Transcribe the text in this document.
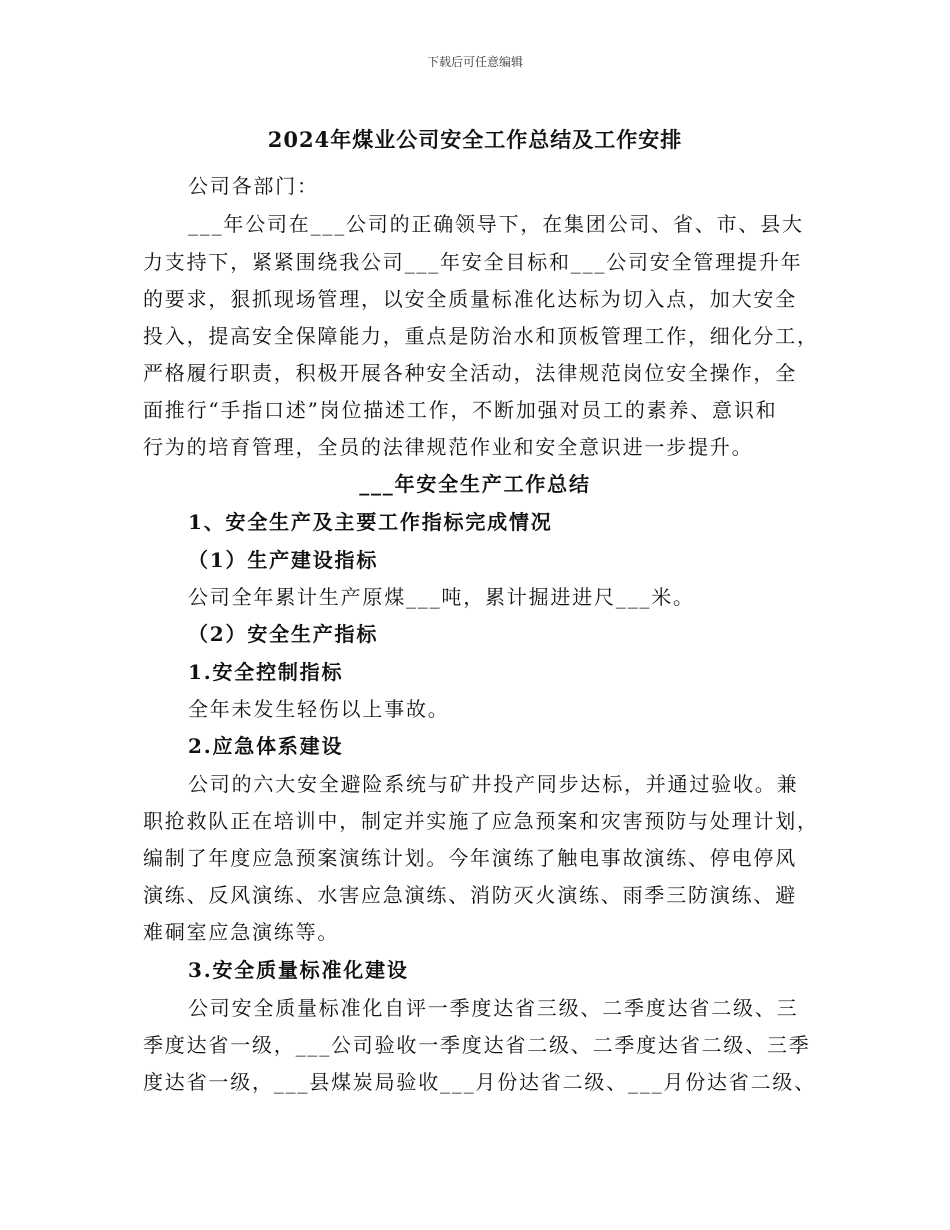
下载后可任意编辑
2024年煤业公司安全工作总结及工作安排
公司各部门：
___年公司在___公司的正确领导下，在集团公司、省、市、县大
力支持下，紧紧围绕我公司___年安全目标和___公司安全管理提升年
的要求，狠抓现场管理，以安全质量标准化达标为切入点，加大安全
投入，提高安全保障能力，重点是防治水和顶板管理工作，细化分工，
严格履行职责，积极开展各种安全活动，法律规范岗位安全操作，全
面推行“手指口述”岗位描述工作，不断加强对员工的素养、意识和
行为的培育管理，全员的法律规范作业和安全意识进一步提升。
___年安全生产工作总结
1、安全生产及主要工作指标完成情况
（1）生产建设指标
公司全年累计生产原煤___吨，累计掘进进尺___米。
（2）安全生产指标
1.安全控制指标
全年未发生轻伤以上事故。
2.应急体系建设
公司的六大安全避险系统与矿井投产同步达标，并通过验收。兼
职抢救队正在培训中，制定并实施了应急预案和灾害预防与处理计划，
编制了年度应急预案演练计划。今年演练了触电事故演练、停电停风
演练、反风演练、水害应急演练、消防灭火演练、雨季三防演练、避
难硐室应急演练等。
3.安全质量标准化建设
公司安全质量标准化自评一季度达省三级、二季度达省二级、三
季度达省一级，___公司验收一季度达省二级、二季度达省二级、三季
度达省一级，___县煤炭局验收___月份达省二级、___月份达省二级、
